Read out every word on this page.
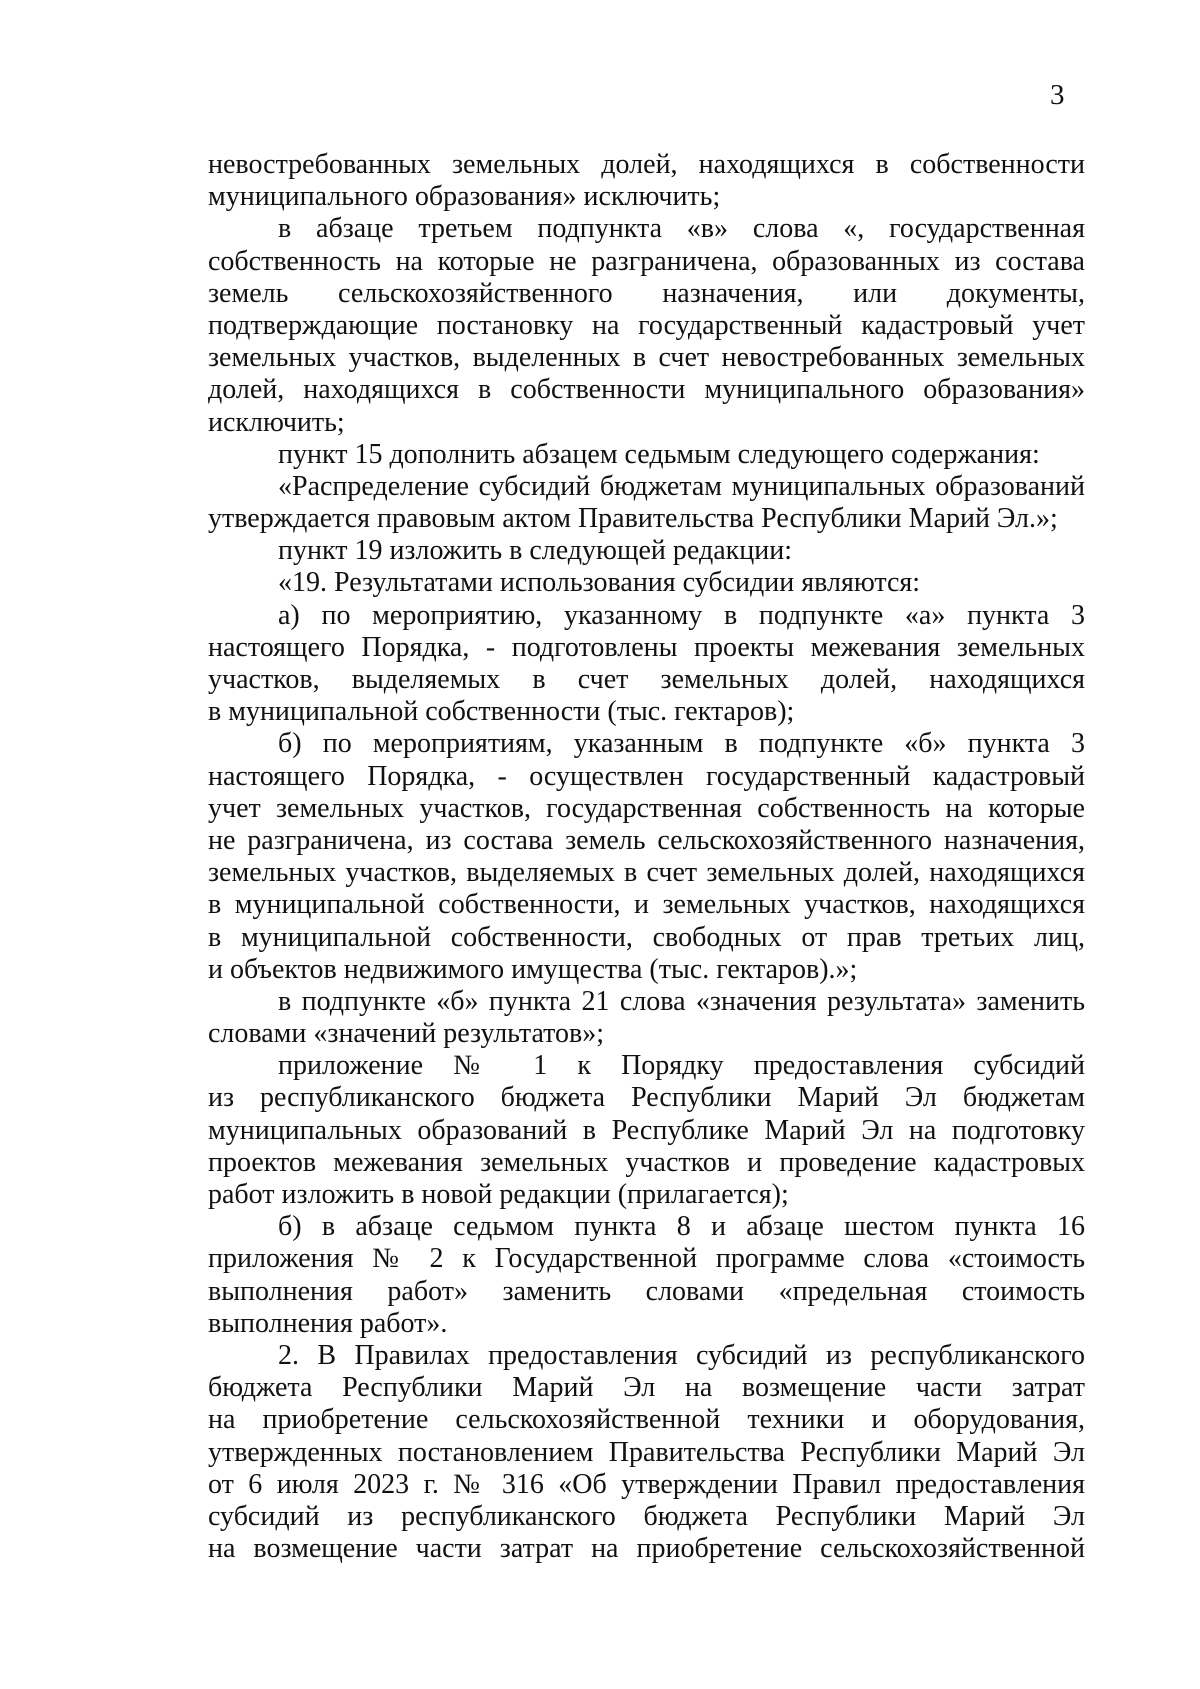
3
невостребованных земельных долей, находящихся в собственности
муниципального образования» исключить;
в абзаце третьем подпункта «в» слова «, государственная
собственность на которые не разграничена, образованных из состава
земель сельскохозяйственного назначения, или документы,
подтверждающие постановку на государственный кадастровый учет
земельных участков, выделенных в счет невостребованных земельных
долей, находящихся в собственности муниципального образования»
исключить;
пункт 15 дополнить абзацем седьмым следующего содержания:
«Распределение субсидий бюджетам муниципальных образований
утверждается правовым актом Правительства Республики Марий Эл.»;
пункт 19 изложить в следующей редакции:
«19. Результатами использования субсидии являются:
а) по мероприятию, указанному в подпункте «а» пункта 3
настоящего Порядка, - подготовлены проекты межевания земельных
участков, выделяемых в счет земельных долей, находящихся
в муниципальной собственности (тыс. гектаров);
б) по мероприятиям, указанным в подпункте «б» пункта 3
настоящего Порядка, - осуществлен государственный кадастровый
учет земельных участков, государственная собственность на которые
не разграничена, из состава земель сельскохозяйственного назначения,
земельных участков, выделяемых в счет земельных долей, находящихся
в муниципальной собственности, и земельных участков, находящихся
в муниципальной собственности, свободных от прав третьих лиц,
и объектов недвижимого имущества (тыс. гектаров).»;
в подпункте «б» пункта 21 слова «значения результата» заменить
словами «значений результатов»;
приложение № 1 к Порядку предоставления субсидий
из республиканского бюджета Республики Марий Эл бюджетам
муниципальных образований в Республике Марий Эл на подготовку
проектов межевания земельных участков и проведение кадастровых
работ изложить в новой редакции (прилагается);
б) в абзаце седьмом пункта 8 и абзаце шестом пункта 16
приложения № 2 к Государственной программе слова «стоимость
выполнения работ» заменить словами «предельная стоимость
выполнения работ».
2. В Правилах предоставления субсидий из республиканского
бюджета Республики Марий Эл на возмещение части затрат
на приобретение сельскохозяйственной техники и оборудования,
утвержденных постановлением Правительства Республики Марий Эл
от 6 июля 2023 г. № 316 «Об утверждении Правил предоставления
субсидий из республиканского бюджета Республики Марий Эл
на возмещение части затрат на приобретение сельскохозяйственной
